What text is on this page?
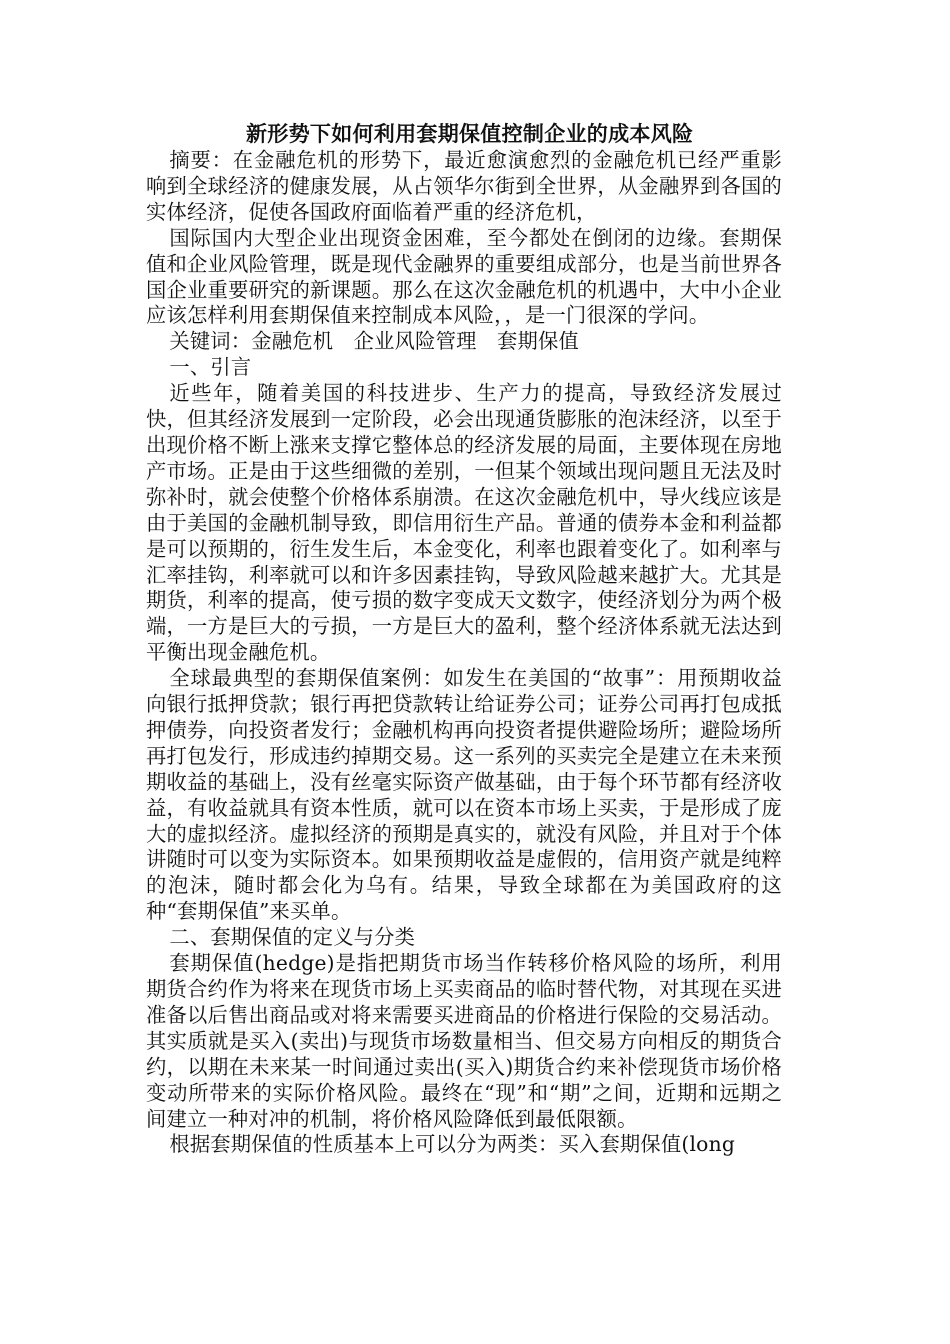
新形势下如何利用套期保值控制企业的成本风险

摘要：在金融危机的形势下，最近愈演愈烈的金融危机已经严重影响到全球经济的健康发展，从占领华尔街到全世界，从金融界到各国的实体经济，促使各国政府面临着严重的经济危机，

国际国内大型企业出现资金困难，至今都处在倒闭的边缘。套期保值和企业风险管理，既是现代金融界的重要组成部分，也是当前世界各国企业重要研究的新课题。那么在这次金融危机的机遇中，大中小企业应该怎样利用套期保值来控制成本风险，，是一门很深的学问。

关键词：金融危机　企业风险管理　套期保值

一、引言

近些年，随着美国的科技进步、生产力的提高，导致经济发展过快，但其经济发展到一定阶段，必会出现通货膨胀的泡沫经济，以至于出现价格不断上涨来支撑它整体总的经济发展的局面，主要体现在房地产市场。正是由于这些细微的差别，一但某个领域出现问题且无法及时弥补时，就会使整个价格体系崩溃。在这次金融危机中，导火线应该是由于美国的金融机制导致，即信用衍生产品。普通的债券本金和利益都是可以预期的，衍生发生后，本金变化，利率也跟着变化了。如利率与汇率挂钩，利率就可以和许多因素挂钩，导致风险越来越扩大。尤其是期货，利率的提高，使亏损的数字变成天文数字，使经济划分为两个极端，一方是巨大的亏损，一方是巨大的盈利，整个经济体系就无法达到平衡出现金融危机。

全球最典型的套期保值案例：如发生在美国的“故事”：用预期收益向银行抵押贷款；银行再把贷款转让给证券公司；证券公司再打包成抵押债券，向投资者发行；金融机构再向投资者提供避险场所；避险场所再打包发行，形成违约掉期交易。这一系列的买卖完全是建立在未来预期收益的基础上，没有丝毫实际资产做基础，由于每个环节都有经济收益，有收益就具有资本性质，就可以在资本市场上买卖，于是形成了庞大的虚拟经济。虚拟经济的预期是真实的，就没有风险，并且对于个体讲随时可以变为实际资本。如果预期收益是虚假的，信用资产就是纯粹的泡沫，随时都会化为乌有。结果，导致全球都在为美国政府的这种“套期保值”来买单。

二、套期保值的定义与分类

套期保值(hedge)是指把期货市场当作转移价格风险的场所，利用期货合约作为将来在现货市场上买卖商品的临时替代物，对其现在买进准备以后售出商品或对将来需要买进商品的价格进行保险的交易活动。其实质就是买入(卖出)与现货市场数量相当、但交易方向相反的期货合约，以期在未来某一时间通过卖出(买入)期货合约来补偿现货市场价格变动所带来的实际价格风险。最终在“现”和“期”之间，近期和远期之间建立一种对冲的机制，将价格风险降低到最低限额。

根据套期保值的性质基本上可以分为两类：买入套期保值(long
